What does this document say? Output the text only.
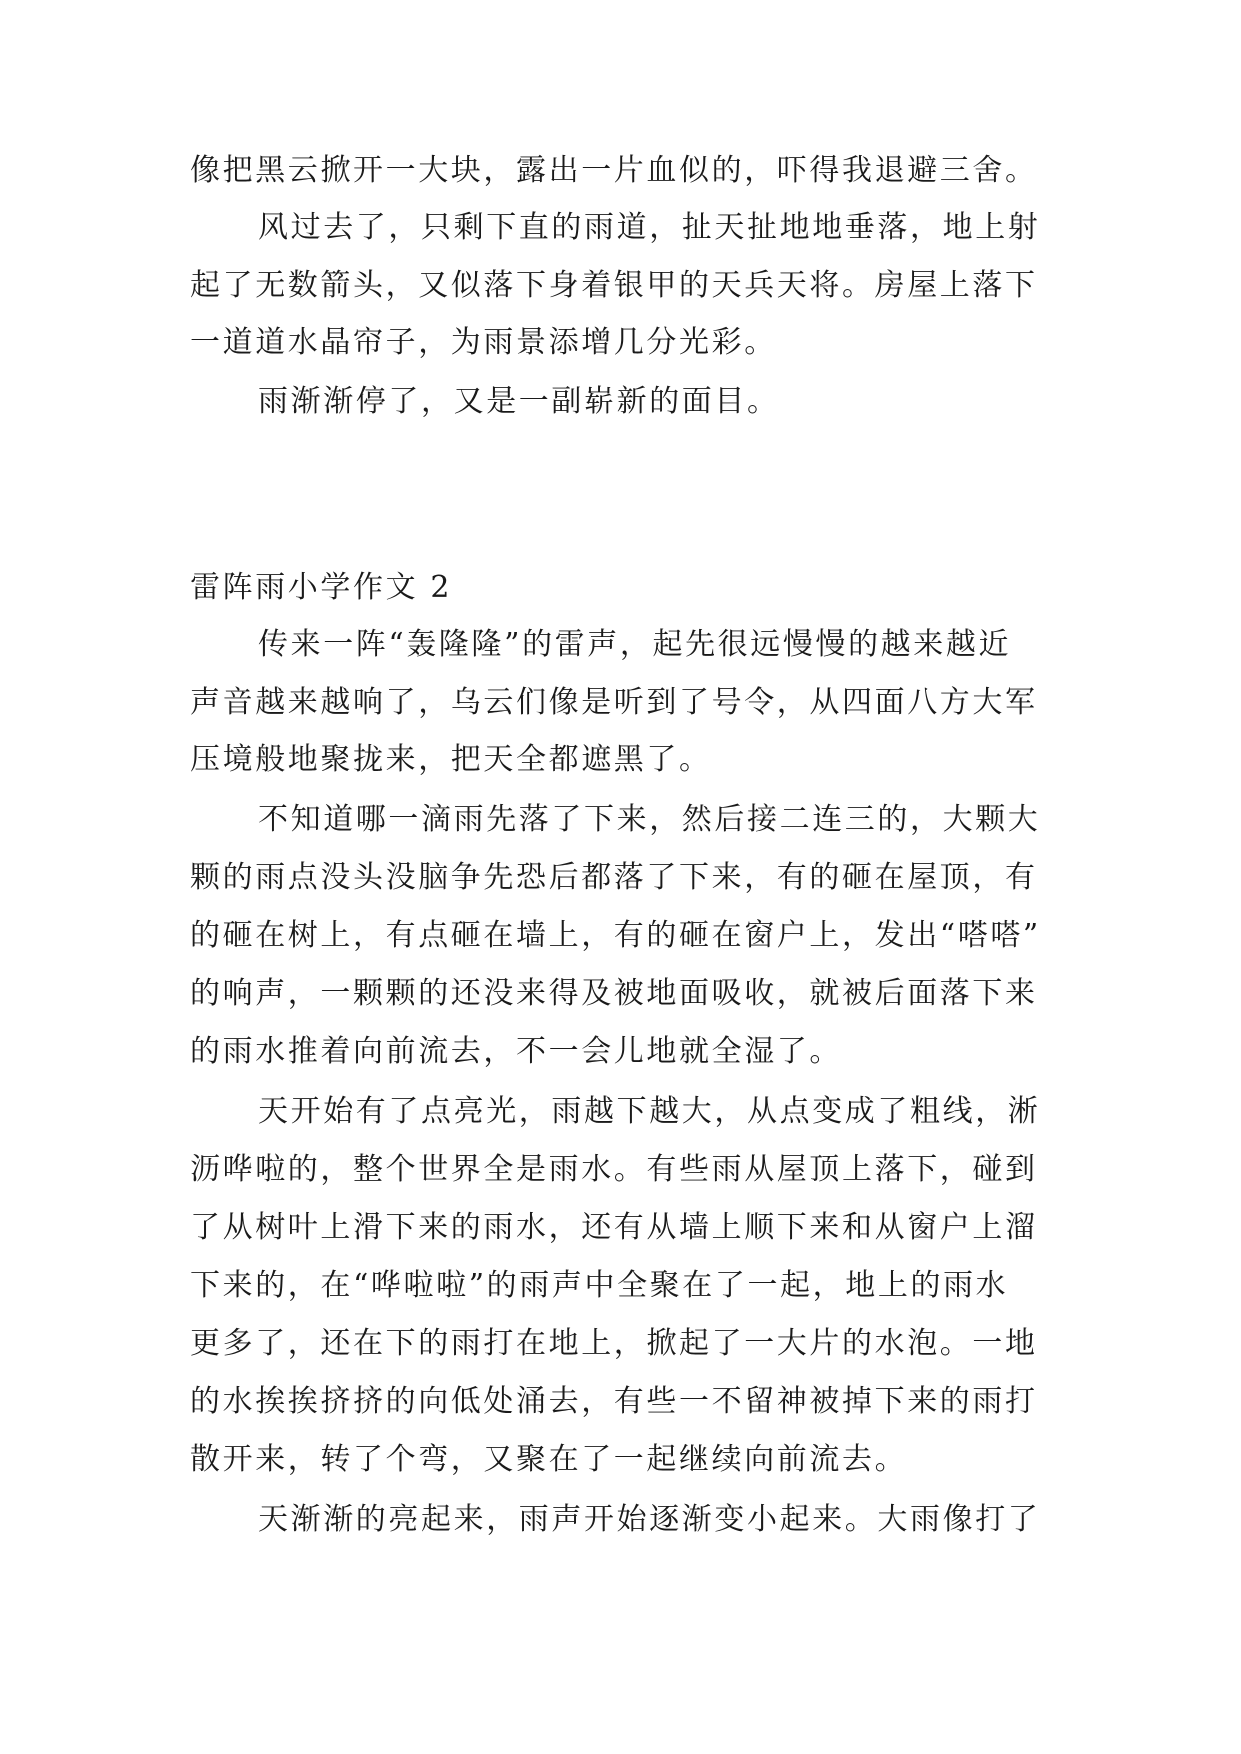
像把黑云掀开一大块，露出一片血似的，吓得我退避三舍。
风过去了，只剩下直的雨道，扯天扯地地垂落，地上射
起了无数箭头，又似落下身着银甲的天兵天将。房屋上落下
一道道水晶帘子，为雨景添增几分光彩。
雨渐渐停了，又是一副崭新的面目。
雷阵雨小学作文 2
传来一阵“轰隆隆”的雷声，起先很远慢慢的越来越近
声音越来越响了，乌云们像是听到了号令，从四面八方大军
压境般地聚拢来，把天全都遮黑了。
不知道哪一滴雨先落了下来，然后接二连三的，大颗大
颗的雨点没头没脑争先恐后都落了下来，有的砸在屋顶，有
的砸在树上，有点砸在墙上，有的砸在窗户上，发出“嗒嗒”
的响声，一颗颗的还没来得及被地面吸收，就被后面落下来
的雨水推着向前流去，不一会儿地就全湿了。
天开始有了点亮光，雨越下越大，从点变成了粗线，淅
沥哗啦的，整个世界全是雨水。有些雨从屋顶上落下，碰到
了从树叶上滑下来的雨水，还有从墙上顺下来和从窗户上溜
下来的，在“哗啦啦”的雨声中全聚在了一起，地上的雨水
更多了，还在下的雨打在地上，掀起了一大片的水泡。一地
的水挨挨挤挤的向低处涌去，有些一不留神被掉下来的雨打
散开来，转了个弯，又聚在了一起继续向前流去。
天渐渐的亮起来，雨声开始逐渐变小起来。大雨像打了
